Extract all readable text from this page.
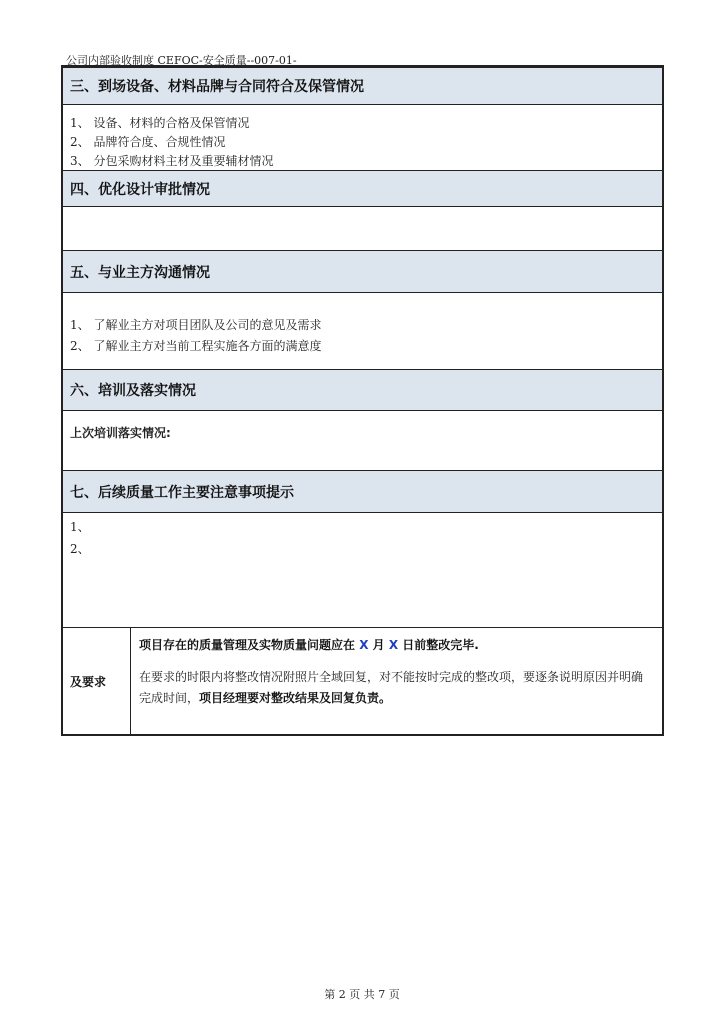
公司内部验收制度 CEFOC-安全质量--007-01-
三、到场设备、材料品牌与合同符合及保管情况
1、 设备、材料的合格及保管情况
2、 品牌符合度、合规性情况
3、 分包采购材料主材及重要辅材情况
四、优化设计审批情况
五、与业主方沟通情况
1、 了解业主方对项目团队及公司的意见及需求
2、 了解业主方对当前工程实施各方面的满意度
六、培训及落实情况
上次培训落实情况:
七、后续质量工作主要注意事项提示
1、
2、
及要求
项目存在的质量管理及实物质量问题应在 X 月 X 日前整改完毕.
在要求的时限内将整改情况附照片全域回复，对不能按时完成的整改项，要逐条说明原因并明确完成时间，项目经理要对整改结果及回复负责。
第 2 页 共 7 页
